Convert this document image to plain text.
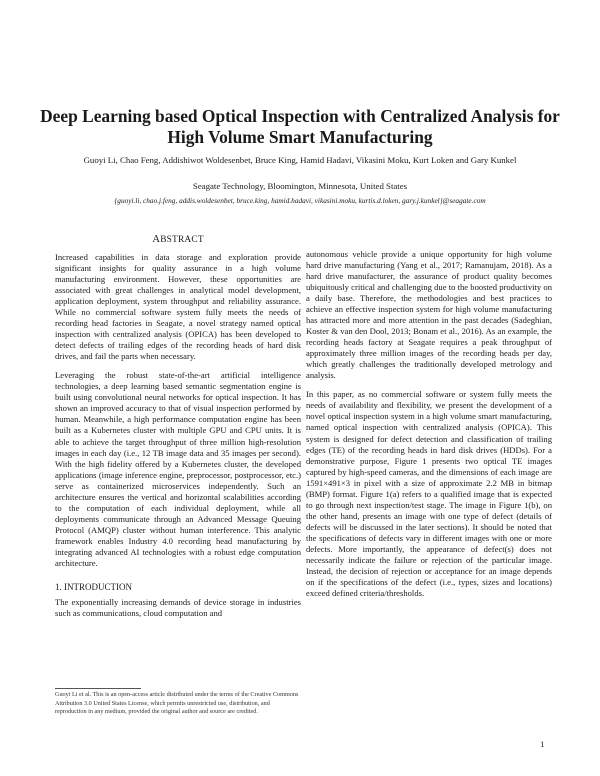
Deep Learning based Optical Inspection with Centralized Analysis for High Volume Smart Manufacturing
Guoyi Li, Chao Feng, Addishiwot Woldesenbet, Bruce King, Hamid Hadavi, Vikasini Moku, Kurt Loken and Gary Kunkel
Seagate Technology, Bloomington, Minnesota, United States
{guoyi.li, chao.j.feng, addis.woldesenbet, bruce.king, hamid.hadavi, vikasini.moku, kurtis.d.loken, gary.j.kunkel}@seagate.com
ABSTRACT

Increased capabilities in data storage and exploration provide significant insights for quality assurance in a high volume manufacturing environment. However, these opportunities are associated with great challenges in analytical model development, application deployment, system throughput and reliability assurance. While no commercial software system fully meets the needs of recording head factories in Seagate, a novel strategy named optical inspection with centralized analysis (OPICA) has been developed to detect defects of trailing edges of the recording heads of hard disk drives, and fail the parts when necessary.

Leveraging the robust state-of-the-art artificial intelligence technologies, a deep learning based semantic segmentation engine is built using convolutional neural networks for optical inspection. It has shown an improved accuracy to that of visual inspection performed by human. Meanwhile, a high performance computation engine has been built as a Kubernetes cluster with multiple GPU and CPU units. It is able to achieve the target throughput of three million high-resolution images in each day (i.e., 12 TB image data and 35 images per second). With the high fidelity offered by a Kubernetes cluster, the developed applications (image inference engine, preprocessor, postprocessor, etc.) serve as containerized microservices independently. Such an architecture ensures the vertical and horizontal scalabilities according to the computation of each individual deployment, while all deployments communicate through an Advanced Message Queuing Protocol (AMQP) cluster without human interference. This analytic framework enables Industry 4.0 recording head manufacturing by integrating advanced AI technologies with a robust edge computation architecture.

1. INTRODUCTION

The exponentially increasing demands of device storage in industries such as communications, cloud computation and

autonomous vehicle provide a unique opportunity for high volume hard drive manufacturing (Yang et al., 2017; Ramanujam, 2018). As a hard drive manufacturer, the assurance of product quality becomes ubiquitously critical and challenging due to the boosted productivity on a daily base. Therefore, the methodologies and best practices to achieve an effective inspection system for high volume manufacturing has attracted more and more attention in the past decades (Sadeghian, Koster & van den Dool, 2013; Bonam et al., 2016). As an example, the recording heads factory at Seagate requires a peak throughput of approximately three million images of the recording heads per day, which greatly challenges the traditionally developed metrology and analysis.

In this paper, as no commercial software or system fully meets the needs of availability and flexibility, we present the development of a novel optical inspection system in a high volume smart manufacturing, named optical inspection with centralized analysis (OPICA). This system is designed for defect detection and classification of trailing edges (TE) of the recording heads in hard disk drives (HDDs). For a demonstrative purpose, Figure 1 presents two optical TE images captured by high-speed cameras, and the dimensions of each image are 1591×491×3 in pixel with a size of approximate 2.2 MB in bitmap (BMP) format. Figure 1(a) refers to a qualified image that is expected to go through next inspection/test stage. The image in Figure 1(b), on the other hand, presents an image with one type of defect (details of defects will be discussed in the later sections). It should be noted that the specifications of defects vary in different images with one or more defects. More importantly, the appearance of defect(s) does not necessarily indicate the failure or rejection of the particular image. Instead, the decision of rejection or acceptance for an image depends on if the specifications of the defect (i.e., types, sizes and locations) exceed defined criteria/thresholds.

Guoyi Li et al. This is an open-access article distributed under the terms of the Creative Commons Attribution 3.0 United States License, which permits unrestricted use, distribution, and reproduction in any medium, provided the original author and source are credited.
1
